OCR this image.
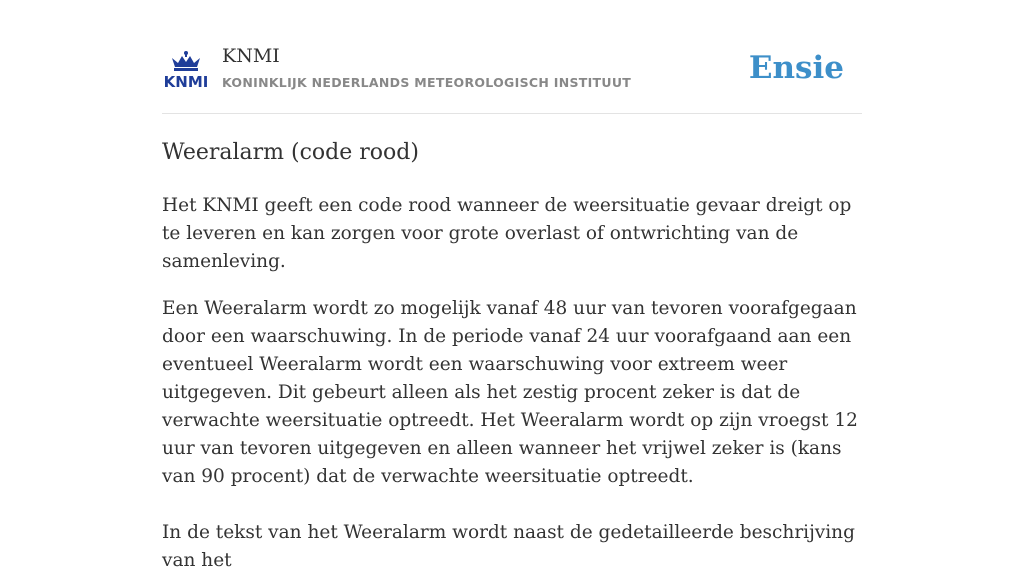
KNMI
KNMI
KONINKLIJK NEDERLANDS METEOROLOGISCH INSTITUUT	Ensie
Weeralarm (code rood)

Het KNMI geeft een code rood wanneer de weersituatie gevaar dreigt op te leveren en kan zorgen voor grote overlast of ontwrichting van de samenleving.

Een Weeralarm wordt zo mogelijk vanaf 48 uur van tevoren voorafgegaan door een waarschuwing. In de periode vanaf 24 uur voorafgaand aan een eventueel Weeralarm wordt een waarschuwing voor extreem weer uitgegeven. Dit gebeurt alleen als het zestig procent zeker is dat de verwachte weersituatie optreedt. Het Weeralarm wordt op zijn vroegst 12 uur van tevoren uitgegeven en alleen wanneer het vrijwel zeker is (kans van 90 procent) dat de verwachte weersituatie optreedt.

In de tekst van het Weeralarm wordt naast de gedetailleerde beschrijving van het
